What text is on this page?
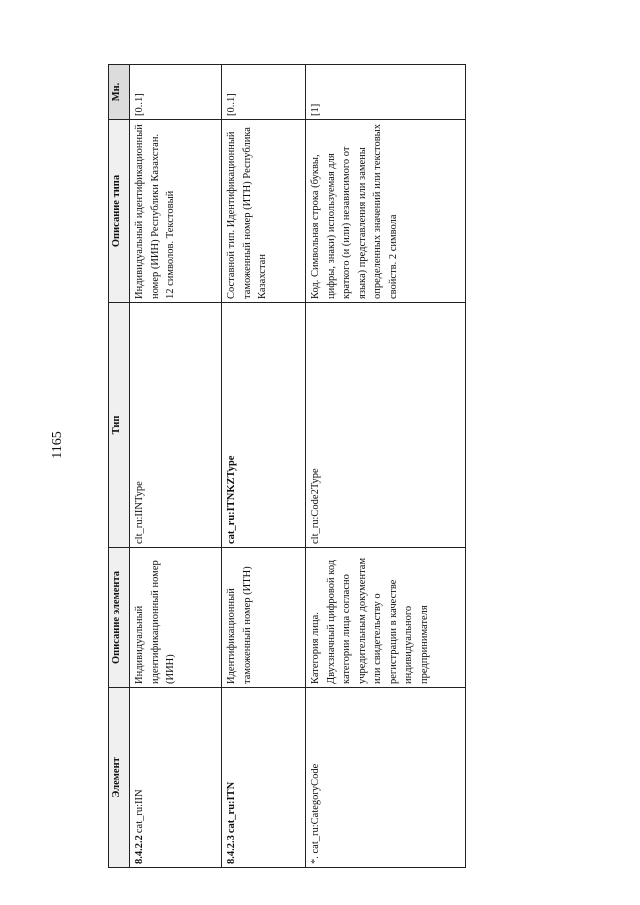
1165
Элемент	Описание элемента	Тип	Описание типа	Мн.
8.4.2.2cat_ru:IIN	Индивидуальный идентификационный номер (ИИН)	clt_ru:IINType	Индивидуальный идентификационный номер (ИИН) Республики Казахстан. 12 символов. Текстовый	[0..1]
8.4.2.3cat_ru:ITN	Идентификационный таможенный номер (ИТН)	cat_ru:ITNKZType	Составной тип. Идентификационный таможенный номер (ИТН) Республика Казахстан	[0..1]
*. cat_ru:CategoryCode	Категория лица. Двухзначный цифровой код категории лица согласно учредительным документам или свидетельству о регистрации в качестве индивидуального предпринимателя	clt_ru:Code2Type	Код. Символьная строка (буквы, цифры, знаки) используемая для краткого (и (или) независимого от языка) представления или замены определенных значений или текстовых свойств. 2 символа	[1]
